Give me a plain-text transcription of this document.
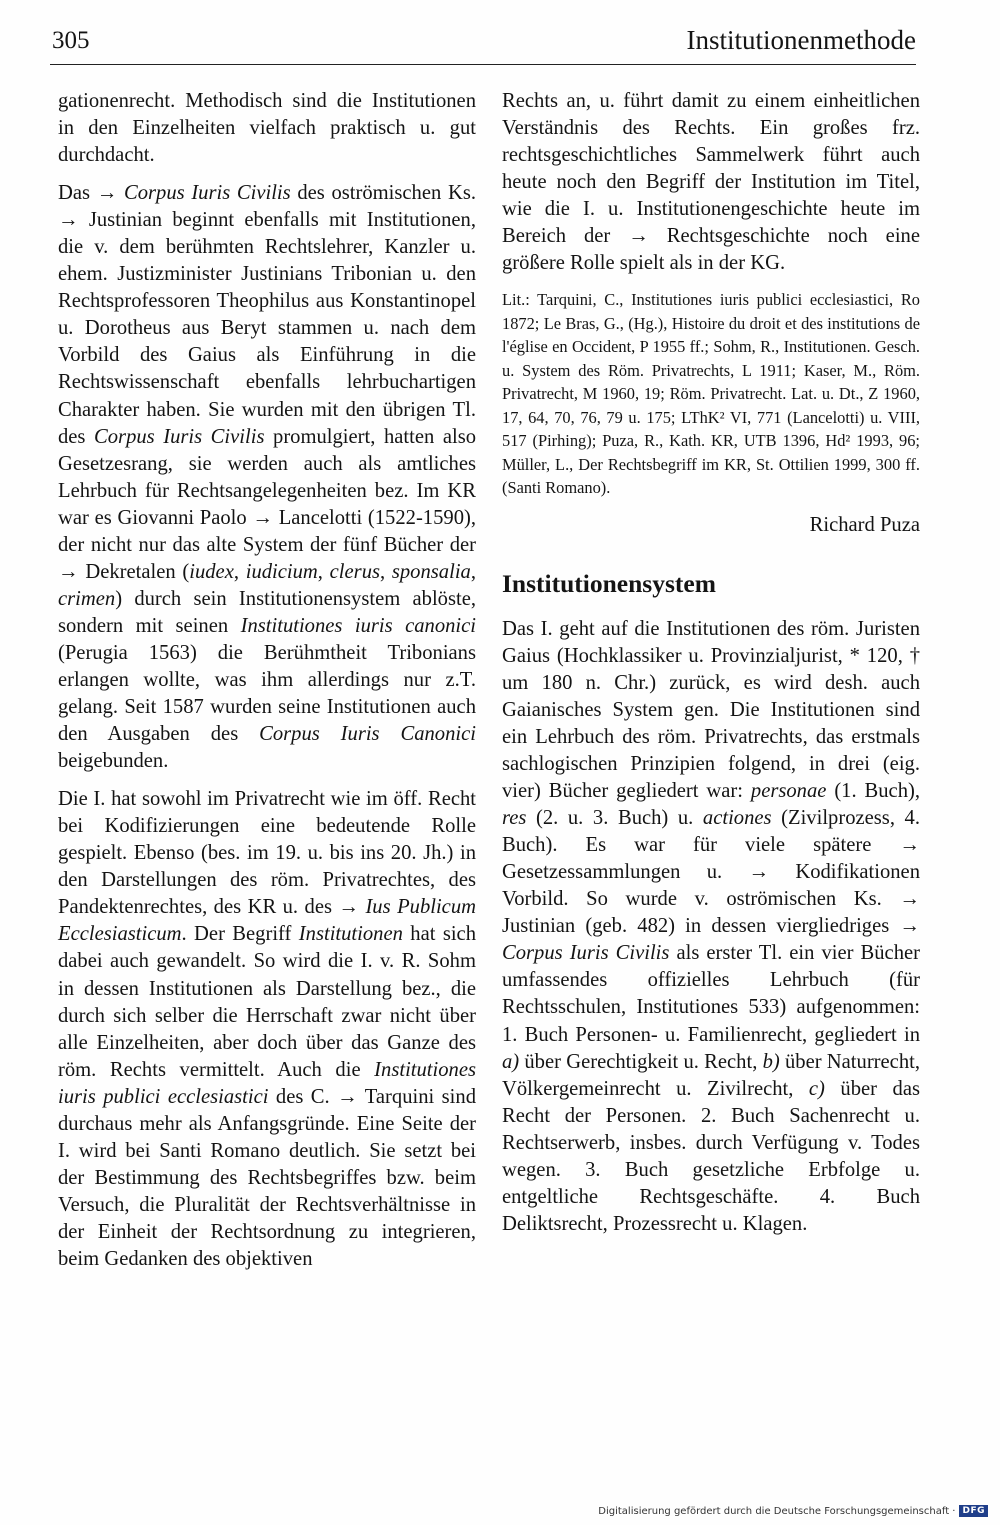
305	Institutionenmethode

gationenrecht. Methodisch sind die Institutionen in den Einzelheiten vielfach praktisch u. gut durchdacht.

Das → Corpus Iuris Civilis des oströmischen Ks. → Justinian beginnt ebenfalls mit Institutionen, die v. dem berühmten Rechtslehrer, Kanzler u. ehem. Justizminister Justinians Tribonian u. den Rechtsprofessoren Theophilus aus Konstantinopel u. Dorotheus aus Beryt stammen u. nach dem Vorbild des Gaius als Einführung in die Rechtswissenschaft ebenfalls lehrbuchartigen Charakter haben. Sie wurden mit den übrigen Tl. des Corpus Iuris Civilis promulgiert, hatten also Gesetzesrang, sie werden auch als amtliches Lehrbuch für Rechtsangelegenheiten bez. Im KR war es Giovanni Paolo → Lancelotti (1522-1590), der nicht nur das alte System der fünf Bücher der → Dekretalen (iudex, iudicium, clerus, sponsalia, crimen) durch sein Institutionensystem ablöste, sondern mit seinen Institutiones iuris canonici (Perugia 1563) die Berühmtheit Tribonians erlangen wollte, was ihm allerdings nur z.T. gelang. Seit 1587 wurden seine Institutionen auch den Ausgaben des Corpus Iuris Canonici beigebunden.

Die I. hat sowohl im Privatrecht wie im öff. Recht bei Kodifizierungen eine bedeutende Rolle gespielt. Ebenso (bes. im 19. u. bis ins 20. Jh.) in den Darstellungen des röm. Privatrechtes, des Pandektenrechtes, des KR u. des → Ius Publicum Ecclesiasticum. Der Begriff Institutionen hat sich dabei auch gewandelt. So wird die I. v. R. Sohm in dessen Institutionen als Darstellung bez., die durch sich selber die Herrschaft zwar nicht über alle Einzelheiten, aber doch über das Ganze des röm. Rechts vermittelt. Auch die Institutiones iuris publici ecclesiastici des C. → Tarquini sind durchaus mehr als Anfangsgründe. Eine Seite der I. wird bei Santi Romano deutlich. Sie setzt bei der Bestimmung des Rechtsbegriffes bzw. beim Versuch, die Pluralität der Rechtsverhältnisse in der Einheit der Rechtsordnung zu integrieren, beim Gedanken des objektiven

Rechts an, u. führt damit zu einem einheitlichen Verständnis des Rechts. Ein großes frz. rechtsgeschichtliches Sammelwerk führt auch heute noch den Begriff der Institution im Titel, wie die I. u. Institutionengeschichte heute im Bereich der → Rechtsgeschichte noch eine größere Rolle spielt als in der KG.

Lit.: Tarquini, C., Institutiones iuris publici ecclesiastici, Ro 1872; Le Bras, G., (Hg.), Histoire du droit et des institutions de l'église en Occident, P 1955 ff.; Sohm, R., Institutionen. Gesch. u. System des Röm. Privatrechts, L 1911; Kaser, M., Röm. Privatrecht, M 1960, 19; Röm. Privatrecht. Lat. u. Dt., Z 1960, 17, 64, 70, 76, 79 u. 175; LThK² VI, 771 (Lancelotti) u. VIII, 517 (Pirhing); Puza, R., Kath. KR, UTB 1396, Hd² 1993, 96; Müller, L., Der Rechtsbegriff im KR, St. Ottilien 1999, 300 ff. (Santi Romano).

Richard Puza
Institutionensystem

Das I. geht auf die Institutionen des röm. Juristen Gaius (Hochklassiker u. Provinzialjurist, * 120, † um 180 n. Chr.) zurück, es wird desh. auch Gaianisches System gen. Die Institutionen sind ein Lehrbuch des röm. Privatrechts, das erstmals sachlogischen Prinzipien folgend, in drei (eig. vier) Bücher gegliedert war: personae (1. Buch), res (2. u. 3. Buch) u. actiones (Zivilprozess, 4. Buch). Es war für viele spätere → Gesetzessammlungen u. → Kodifikationen Vorbild. So wurde v. oströmischen Ks. → Justinian (geb. 482) in dessen viergliedriges → Corpus Iuris Civilis als erster Tl. ein vier Bücher umfassendes offizielles Lehrbuch (für Rechtsschulen, Institutiones 533) aufgenommen: 1. Buch Personen- u. Familienrecht, gegliedert in a) über Gerechtigkeit u. Recht, b) über Naturrecht, Völkergemeinrecht u. Zivilrecht, c) über das Recht der Personen. 2. Buch Sachenrecht u. Rechtserwerb, insbes. durch Verfügung v. Todes wegen. 3. Buch gesetzliche Erbfolge u. entgeltliche Rechtsgeschäfte. 4. Buch Deliktsrecht, Prozessrecht u. Klagen.

Digitalisierung gefördert durch die Deutsche Forschungsgemeinschaft · DFG
